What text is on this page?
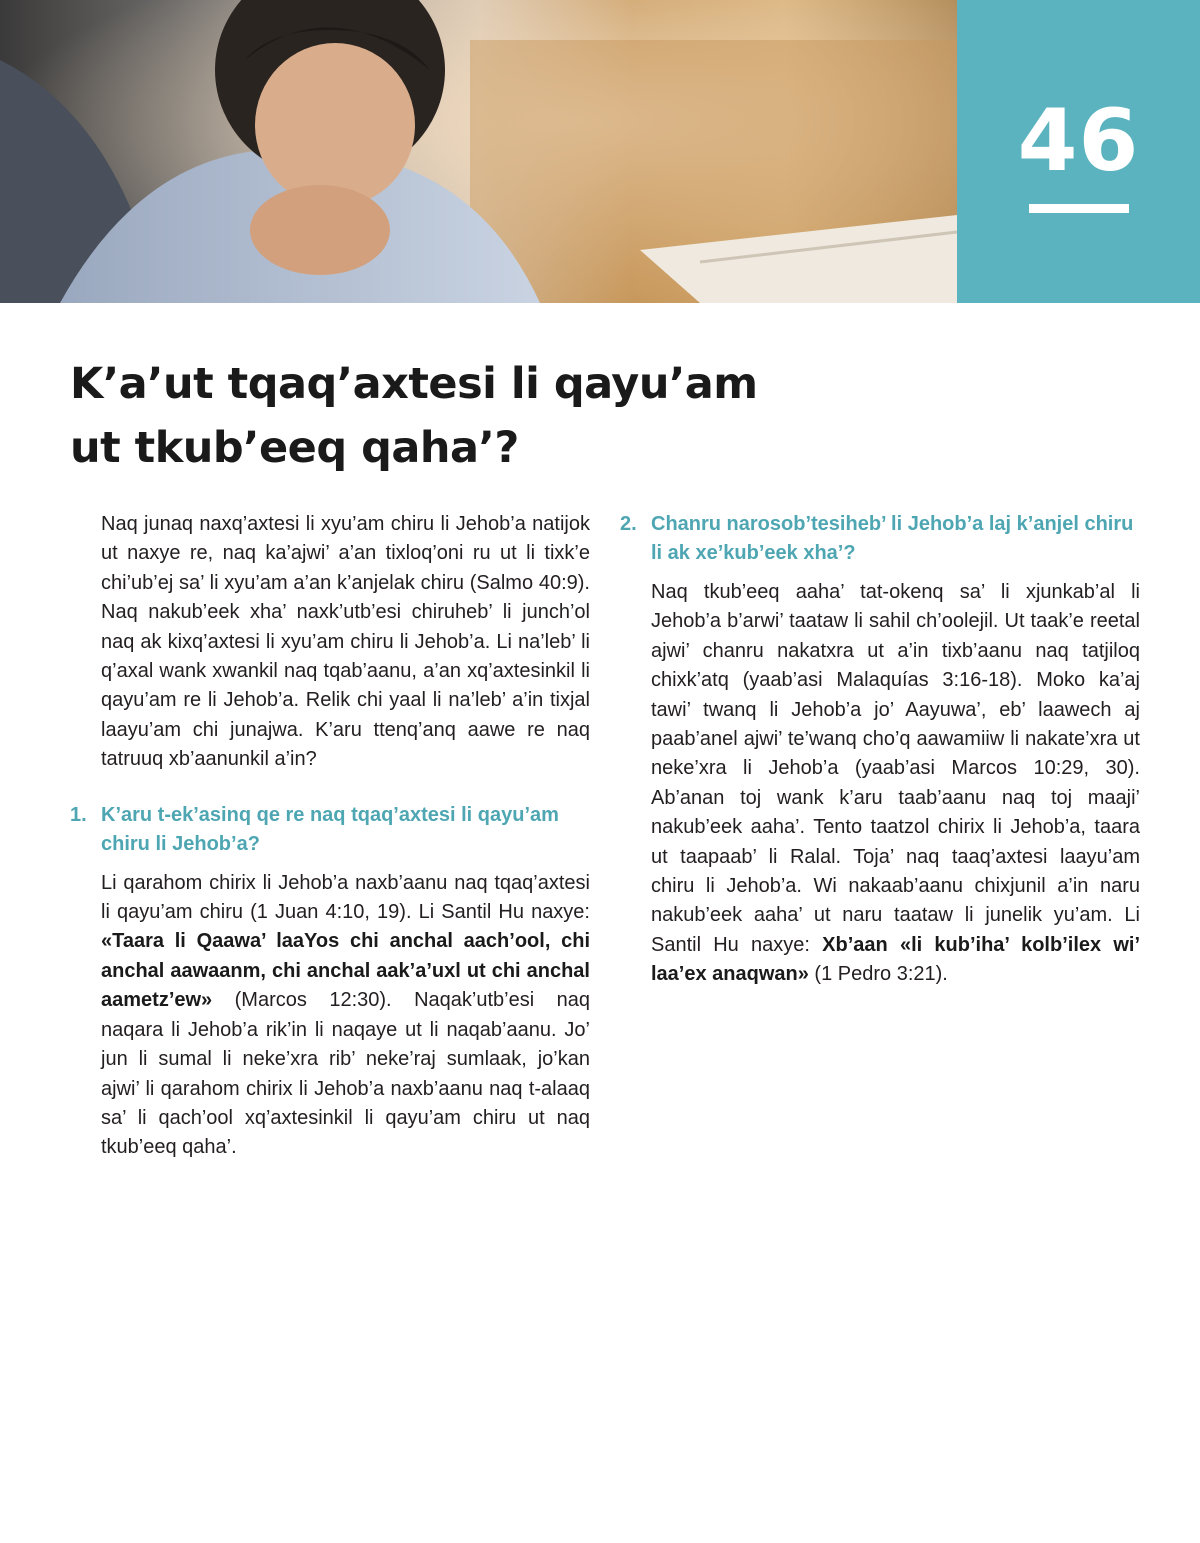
46
K’a’ut tqaq’axtesi li qayu’am
ut tkub’eeq qaha’?

Naq junaq naxq’axtesi li xyu’am chiru li Jehob’a natijok ut naxye re, naq ka’ajwi’ a’an tixloq’oni ru ut li tixk’e chi’ub’ej sa’ li xyu’am a’an k’anjelak chiru (Salmo 40:9). Naq nakub’eek xha’ naxk’utb’esi chiruheb’ li junch’ol naq ak kixq’axtesi li xyu’am chiru li Jehob’a. Li na’leb’ li q’axal wank xwankil naq tqab’aanu, a’an xq’axtesinkil li qayu’am re li Jehob’a. Relik chi yaal li na’leb’ a’in tixjal laayu’am chi junajwa. K’aru ttenq’anq aawe re naq tatruuq xb’aanunkil a’in?

1. K’aru t-ek’asinq qe re naq tqaq’axtesi li qayu’am chiru li Jehob’a?

Li qarahom chirix li Jehob’a naxb’aanu naq tqaq’axtesi li qayu’am chiru (1 Juan 4:10, 19). Li Santil Hu naxye: «Taara li Qaawa’ laaYos chi anchal aach’ool, chi anchal aawaanm, chi anchal aak’a’uxl ut chi anchal aametz’ew» (Marcos 12:30). Naqak’utb’esi naq naqara li Jehob’a rik’in li naqaye ut li naqab’aanu. Jo’ jun li sumal li neke’xra rib’ neke’raj sumlaak, jo’kan ajwi’ li qarahom chirix li Jehob’a naxb’aanu naq t-alaaq sa’ li qach’ool xq’axtesinkil li qayu’am chiru ut naq tkub’eeq qaha’.

2. Chanru narosob’tesiheb’ li Jehob’a laj k’anjel chiru li ak xe’kub’eek xha’?

Naq tkub’eeq aaha’ tat-okenq sa’ li xjunkab’al li Jehob’a b’arwi’ taataw li sahil ch’oolejil. Ut taak’e reetal ajwi’ chanru nakatxra ut a’in tixb’aanu naq tatjiloq chixk’atq (yaab’asi Malaquías 3:16-18). Moko ka’aj tawi’ twanq li Jehob’a jo’ Aayuwa’, eb’ laawech aj paab’anel ajwi’ te’wanq cho’q aawamiiw li nakate’xra ut neke’xra li Jehob’a (yaab’asi Marcos 10:29, 30). Ab’anan toj wank k’aru taab’aanu naq toj maaji’ nakub’eek aaha’. Tento taatzol chirix li Jehob’a, taara ut taapaab’ li Ralal. Toja’ naq taaq’axtesi laayu’am chiru li Jehob’a. Wi nakaab’aanu chixjunil a’in naru nakub’eek aaha’ ut naru taataw li junelik yu’am. Li Santil Hu naxye: Xb’aan «li kub’iha’ kolb’ilex wi’ laa’ex anaqwan» (1 Pedro 3:21).
